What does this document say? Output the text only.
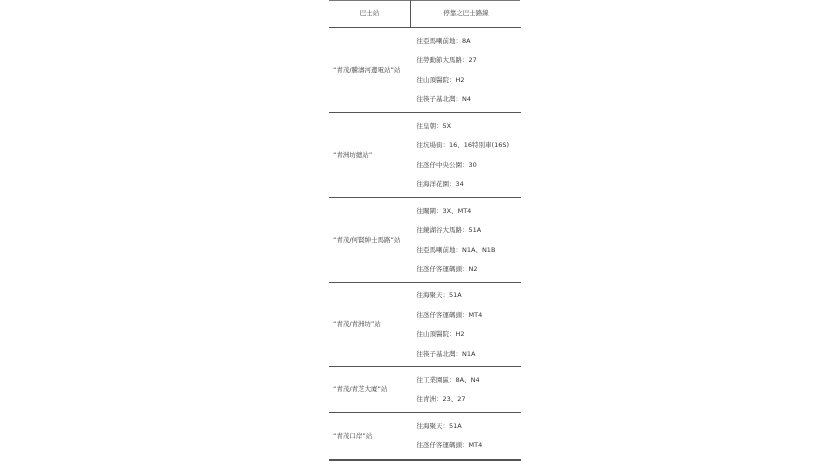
巴士站	停靠之巴士路線
“青茂/騰濤河邊電站”站	往亞馬喇前地：8A
往勞動節大馬路：27
往山頂醫院：H2
往筷子基北灣：N4

“青洲坊總站”	往皇朝：5X
往坑場街：16、16特別車(16S)
往氹仔中央公園：30
往海洋花園：34

“青茂/何賢紳士馬路”站	往關閘：3X、MT4
往鏡湖谷大馬路：51A
往亞馬喇前地：N1A、N1B
往氹仔客運碼頭：N2

“青茂/青洲坊”站	往海聚天：51A
往氹仔客運碼頭：MT4
往山頂醫院：H2
往筷子基北灣：N1A

“青茂/青芝大廈”站	往工業園區：8A、N4
往青洲：23、27

“青茂口岸”站	往海聚天：51A
往氹仔客運碼頭：MT4
